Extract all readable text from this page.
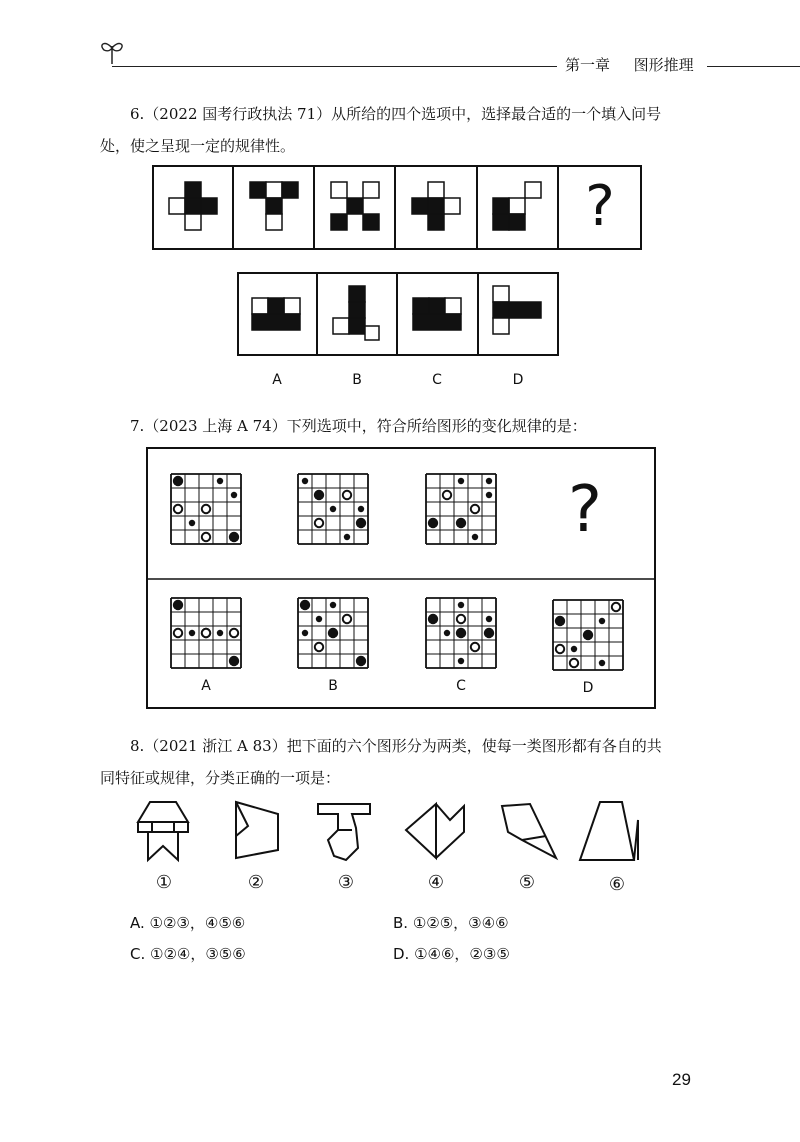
第一章 图形推理
6.（2022 国考行政执法 71）从所给的四个选项中，选择最合适的一个填入问号
处，使之呈现一定的规律性。
?
A	B	C	D
7.（2023 上海 A 74）下列选项中，符合所给图形的变化规律的是：
?
A	B	C	D
8.（2021 浙江 A 83）把下面的六个图形分为两类，使每一类图形都有各自的共
同特征或规律，分类正确的一项是：
①	②	③	④	⑤	⑥
A. ①②③，④⑤⑥	B. ①②⑤，③④⑥
C. ①②④，③⑤⑥	D. ①④⑥，②③⑤
29
